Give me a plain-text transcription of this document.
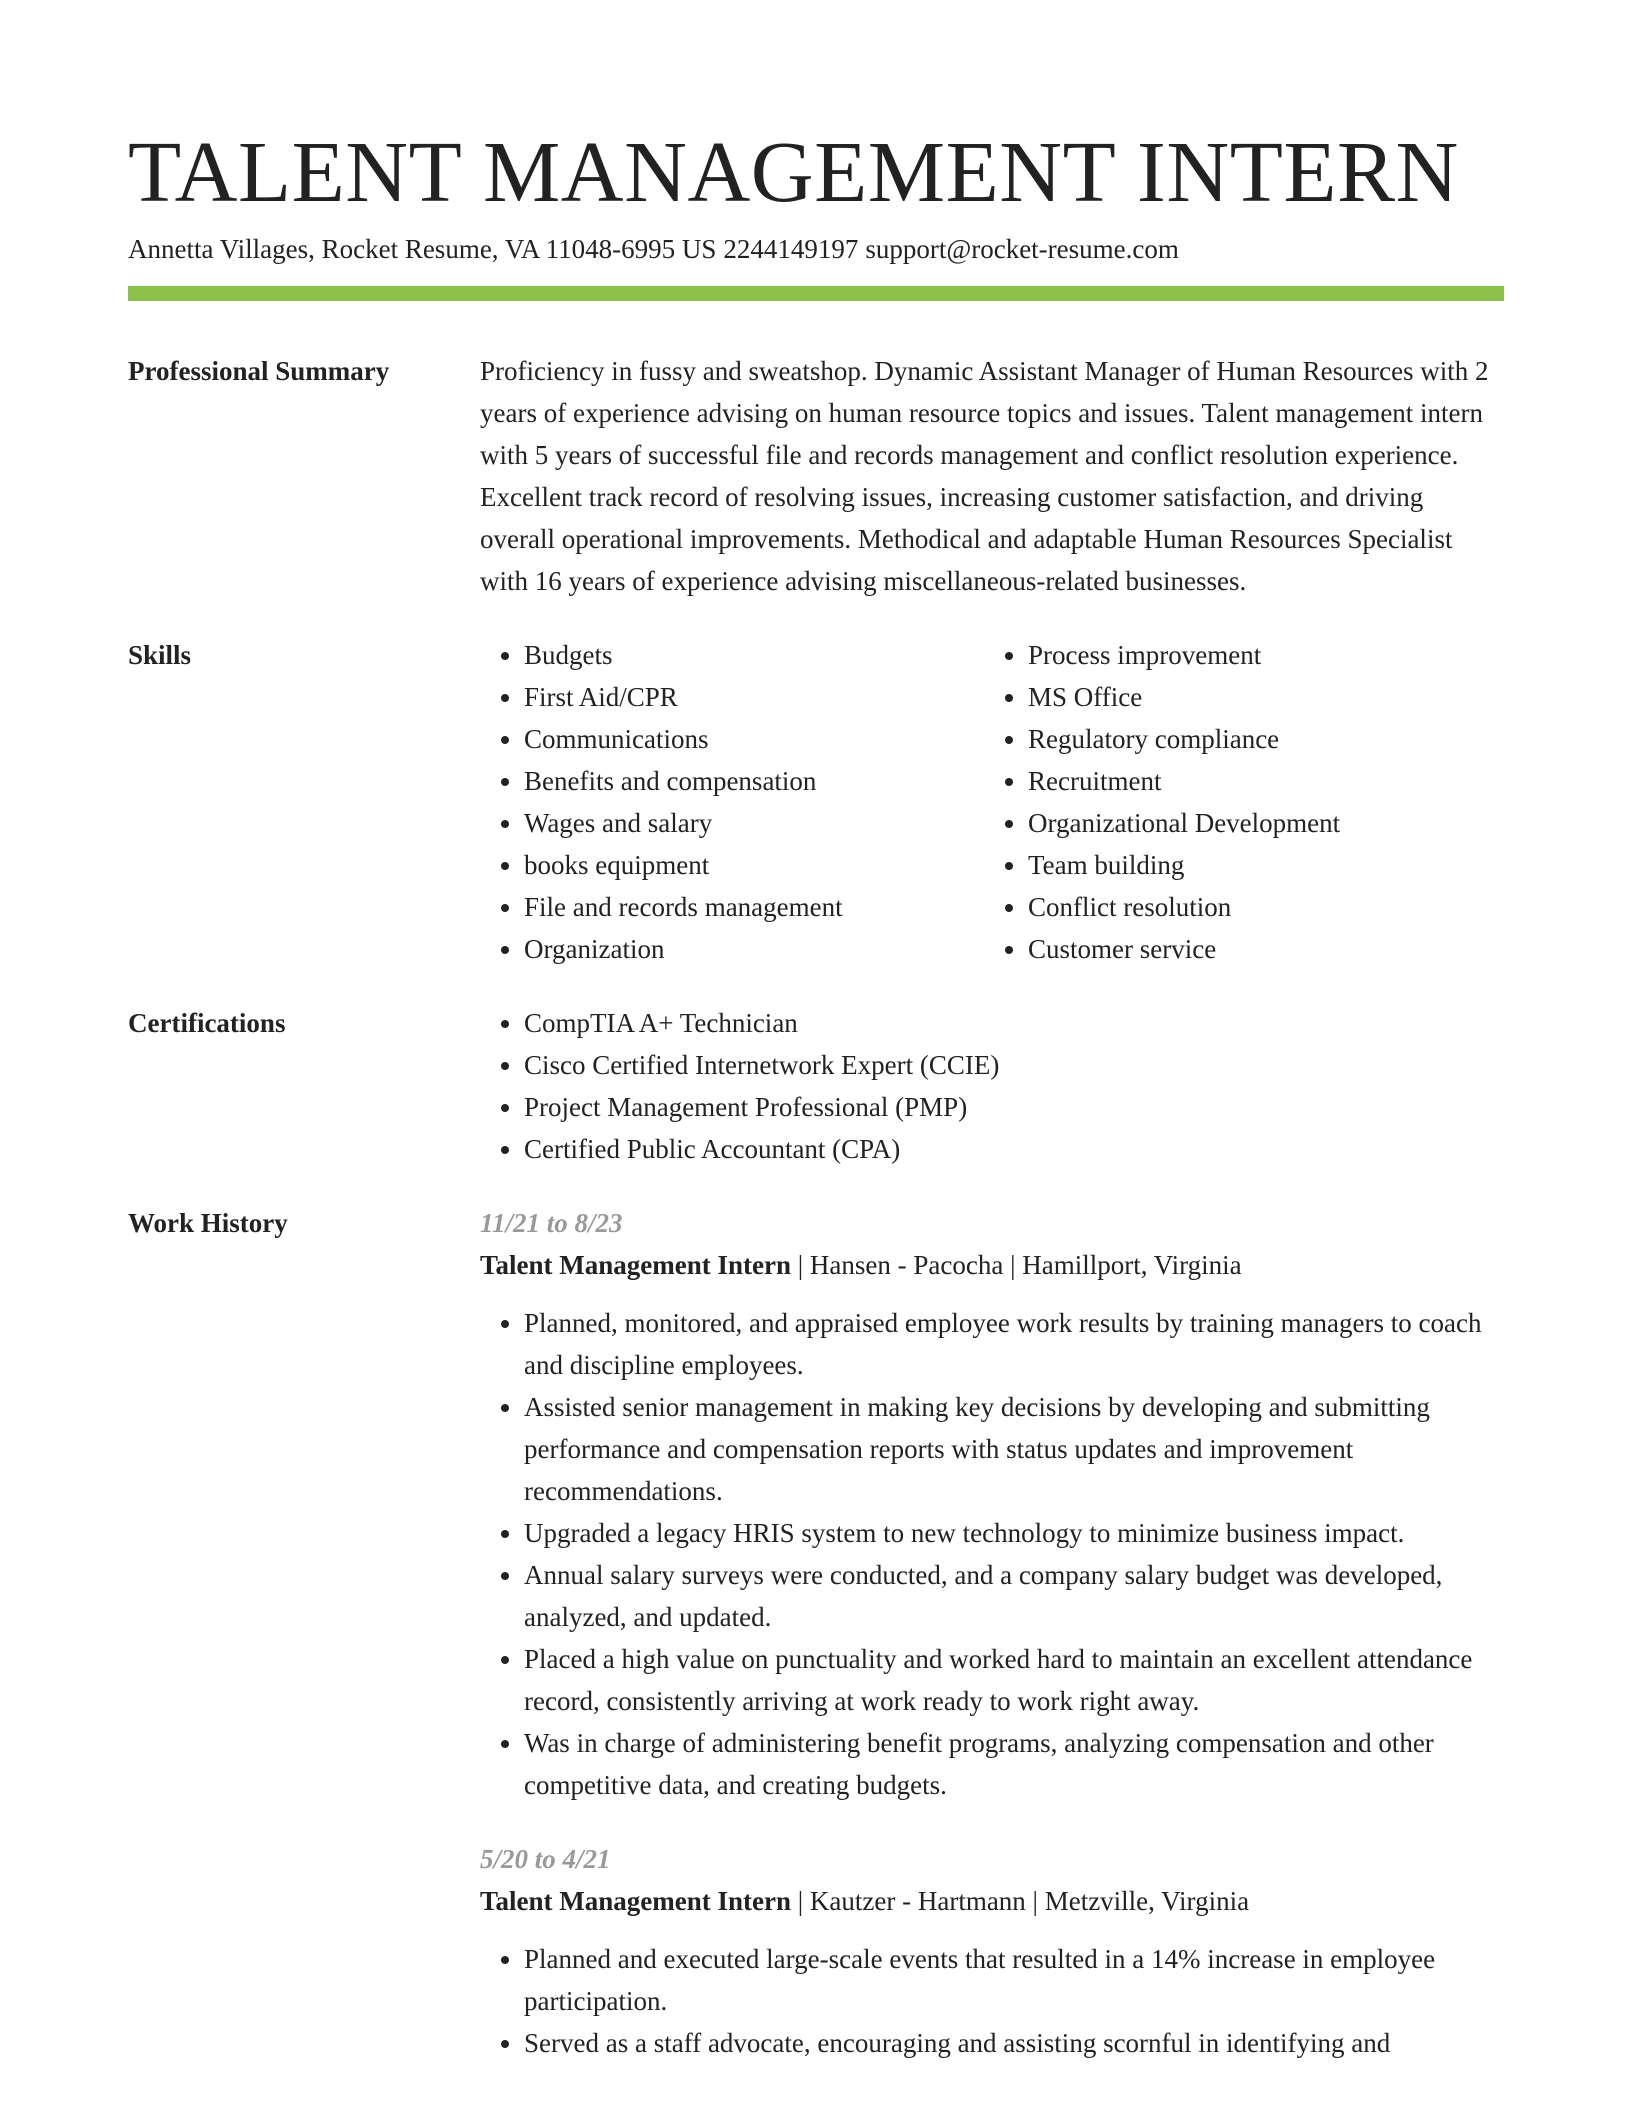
TALENT MANAGEMENT INTERN
Annetta Villages, Rocket Resume, VA 11048-6995 US 2244149197 support@rocket-resume.com
Professional Summary	Proficiency in fussy and sweatshop. Dynamic Assistant Manager of Human Resources with 2 years of experience advising on human resource topics and issues. Talent management intern with 5 years of successful file and records management and conflict resolution experience. Excellent track record of resolving issues, increasing customer satisfaction, and driving overall operational improvements. Methodical and adaptable Human Resources Specialist with 16 years of experience advising miscellaneous-related businesses.

Skills	• Budgets
• First Aid/CPR
• Communications
• Benefits and compensation
• Wages and salary
• books equipment
• File and records management
• Organization
• Process improvement
• MS Office
• Regulatory compliance
• Recruitment
• Organizational Development
• Team building
• Conflict resolution
• Customer service
Certifications	• CompTIA A+ Technician
• Cisco Certified Internetwork Expert (CCIE)
• Project Management Professional (PMP)
• Certified Public Accountant (CPA)
Work History	11/21 to 8/23
Talent Management Intern | Hansen - Pacocha | Hamillport, Virginia
• Planned, monitored, and appraised employee work results by training managers to coach and discipline employees.
• Assisted senior management in making key decisions by developing and submitting performance and compensation reports with status updates and improvement recommendations.
• Upgraded a legacy HRIS system to new technology to minimize business impact.
• Annual salary surveys were conducted, and a company salary budget was developed, analyzed, and updated.
• Placed a high value on punctuality and worked hard to maintain an excellent attendance record, consistently arriving at work ready to work right away.
• Was in charge of administering benefit programs, analyzing compensation and other competitive data, and creating budgets.
5/20 to 4/21
Talent Management Intern | Kautzer - Hartmann | Metzville, Virginia
• Planned and executed large-scale events that resulted in a 14% increase in employee participation.
• Served as a staff advocate, encouraging and assisting scornful in identifying and
